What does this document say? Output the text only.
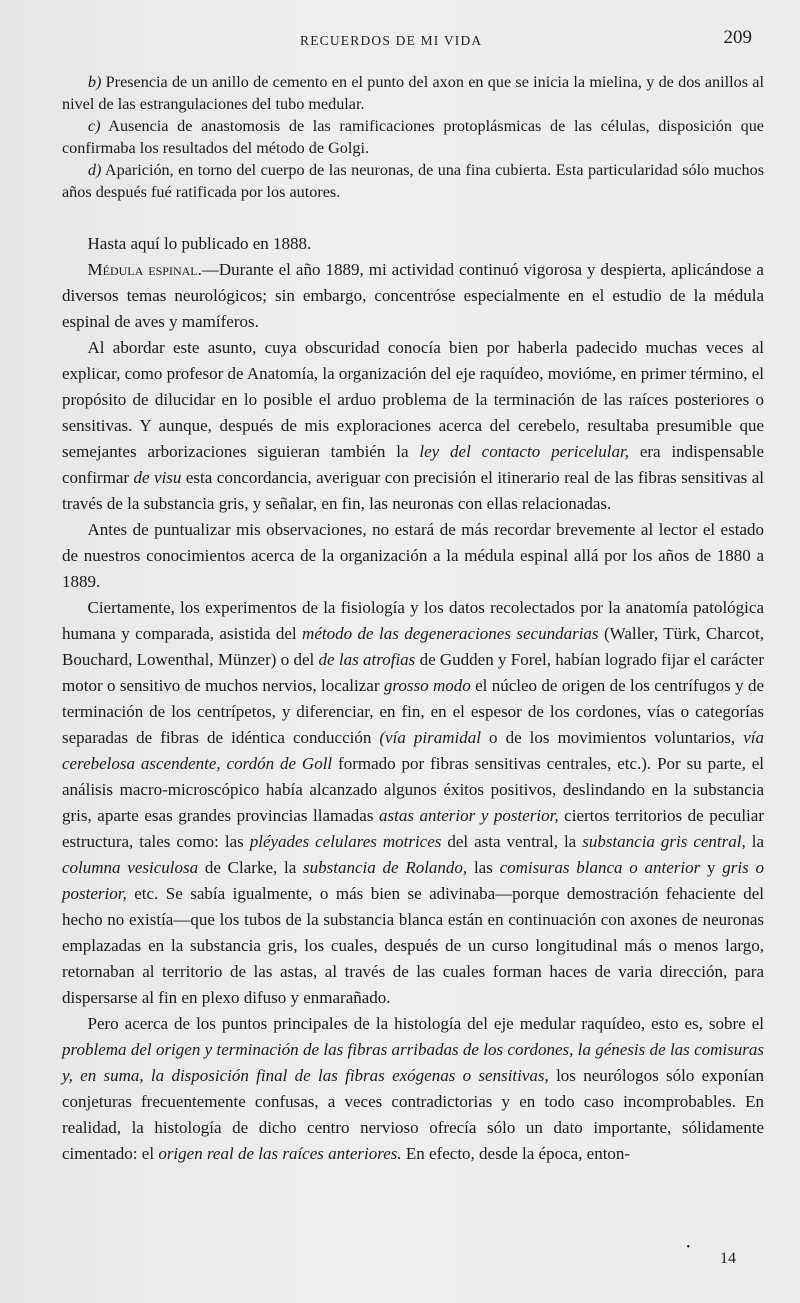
RECUERDOS DE MI VIDA	209

b) Presencia de un anillo de cemento en el punto del axon en que se inicia la mielina, y de dos anillos al nivel de las estrangulaciones del tubo medular.

c) Ausencia de anastomosis de las ramificaciones protoplásmicas de las células, disposición que confirmaba los resultados del método de Golgi.

d) Aparición, en torno del cuerpo de las neuronas, de una fina cubierta. Esta particularidad sólo muchos años después fué ratificada por los autores.

Hasta aquí lo publicado en 1888.

Médula espinal.—Durante el año 1889, mi actividad continuó vigorosa y despierta, aplicándose a diversos temas neurológicos; sin embargo, concentróse especialmente en el estudio de la médula espinal de aves y mamíferos.

Al abordar este asunto, cuya obscuridad conocía bien por haberla padecido muchas veces al explicar, como profesor de Anatomía, la organización del eje raquídeo, movióme, en primer término, el propósito de dilucidar en lo posible el arduo problema de la terminación de las raíces posteriores o sensitivas. Y aunque, después de mis exploraciones acerca del cerebelo, resultaba presumible que semejantes arborizaciones siguieran también la ley del contacto pericelular, era indispensable confirmar de visu esta concordancia, averiguar con precisión el itinerario real de las fibras sensitivas al través de la substancia gris, y señalar, en fin, las neuronas con ellas relacionadas.

Antes de puntualizar mis observaciones, no estará de más recordar brevemente al lector el estado de nuestros conocimientos acerca de la organización a la médula espinal allá por los años de 1880 a 1889.

Ciertamente, los experimentos de la fisiología y los datos recolectados por la anatomía patológica humana y comparada, asistida del método de las degeneraciones secundarias (Waller, Türk, Charcot, Bouchard, Lowenthal, Münzer) o del de las atrofias de Gudden y Forel, habían logrado fijar el carácter motor o sensitivo de muchos nervios, localizar grosso modo el núcleo de origen de los centrífugos y de terminación de los centrípetos, y diferenciar, en fin, en el espesor de los cordones, vías o categorías separadas de fibras de idéntica conducción (vía piramidal o de los movimientos voluntarios, vía cerebelosa ascendente, cordón de Goll formado por fibras sensitivas centrales, etc.). Por su parte, el análisis macro-microscópico había alcanzado algunos éxitos positivos, deslindando en la substancia gris, aparte esas grandes provincias llamadas astas anterior y posterior, ciertos territorios de peculiar estructura, tales como: las pléyades celulares motrices del asta ventral, la substancia gris central, la columna vesiculosa de Clarke, la substancia de Rolando, las comisuras blanca o anterior y gris o posterior, etc. Se sabía igualmente, o más bien se adivinaba—porque demostración fehaciente del hecho no existía—que los tubos de la substancia blanca están en continuación con axones de neuronas emplazadas en la substancia gris, los cuales, después de un curso longitudinal más o menos largo, retornaban al territorio de las astas, al través de las cuales forman haces de varia dirección, para dispersarse al fin en plexo difuso y enmarañado.

Pero acerca de los puntos principales de la histología del eje medular raquídeo, esto es, sobre el problema del origen y terminación de las fibras arribadas de los cordones, la génesis de las comisuras y, en suma, la disposición final de las fibras exógenas o sensitivas, los neurólogos sólo exponían conjeturas frecuentemente confusas, a veces contradictorias y en todo caso incomprobables. En realidad, la histología de dicho centro nervioso ofrecía sólo un dato importante, sólidamente cimentado: el origen real de las raíces anteriores. En efecto, desde la época, enton-

•
14
